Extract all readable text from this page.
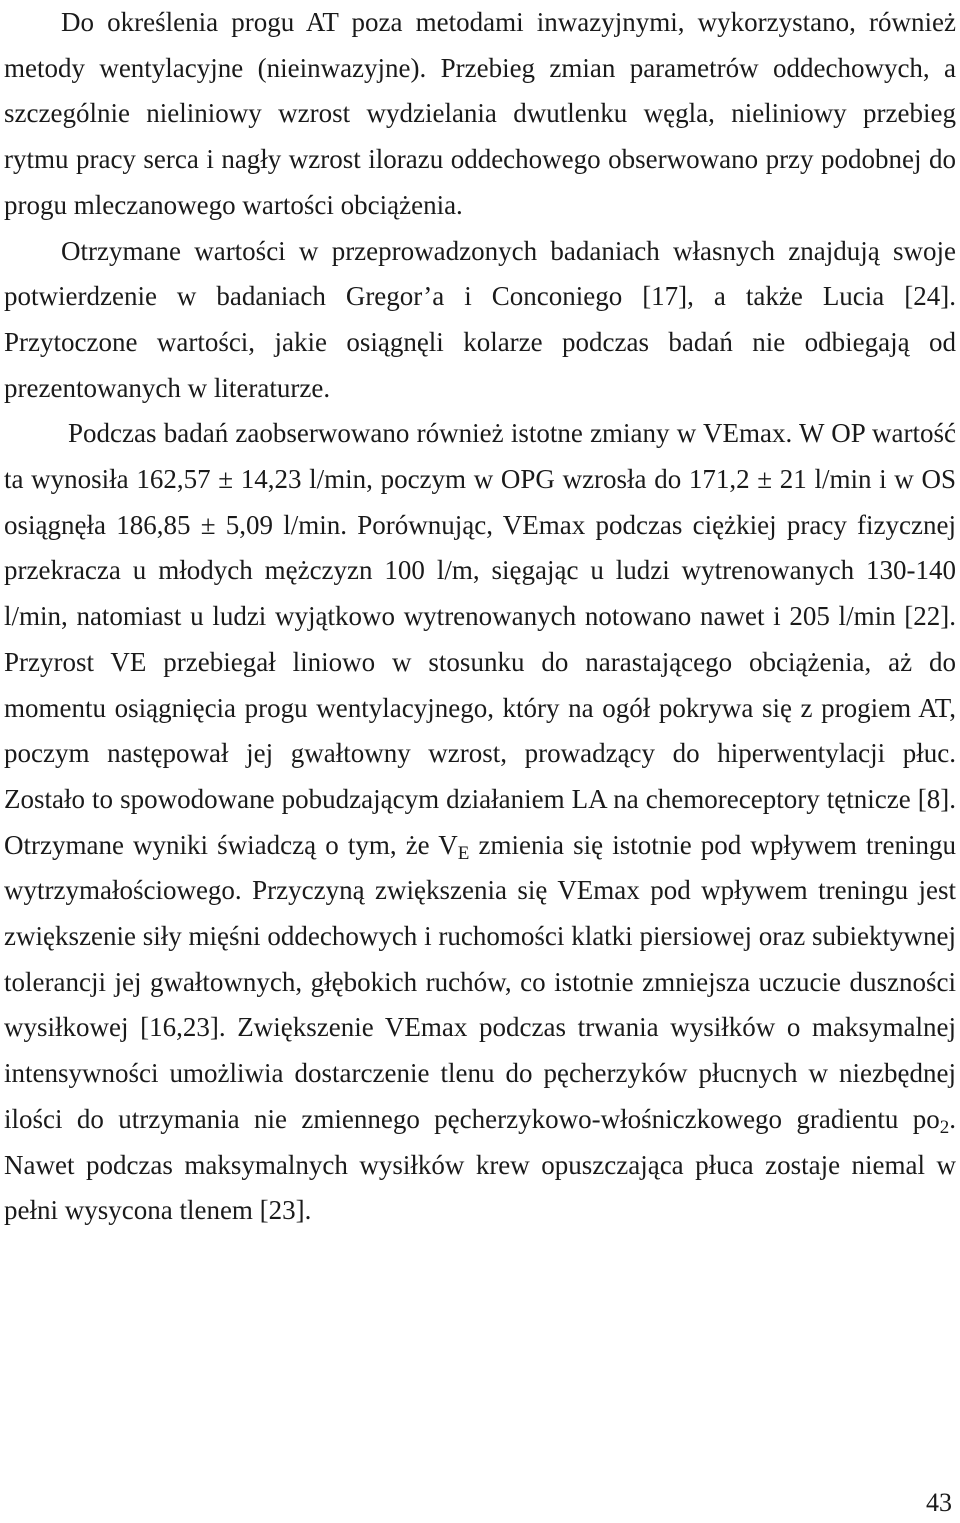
Do określenia progu AT poza metodami inwazyjnymi, wykorzystano, również metody wentylacyjne (nieinwazyjne). Przebieg zmian parametrów oddechowych, a szczególnie nieliniowy wzrost wydzielania dwutlenku węgla, nieliniowy przebieg rytmu pracy serca i nagły wzrost ilorazu oddechowego obserwowano przy podobnej do progu mleczanowego wartości obciążenia.

Otrzymane wartości w przeprowadzonych badaniach własnych znajdują swoje potwierdzenie w badaniach Gregor’a i Conconiego [17], a także Lucia [24]. Przytoczone wartości, jakie osiągnęli kolarze podczas badań nie odbiegają od prezentowanych w literaturze.

Podczas badań zaobserwowano również istotne zmiany w VEmax. W OP wartość ta wynosiła 162,57 ± 14,23 l/min, poczym w OPG wzrosła do 171,2 ± 21 l/min i w OS osiągnęła 186,85 ± 5,09 l/min. Porównując, VEmax podczas ciężkiej pracy fizycznej przekracza u młodych mężczyzn 100 l/m, sięgając u ludzi wytrenowanych 130-140 l/min, natomiast u ludzi wyjątkowo wytrenowanych notowano nawet i 205 l/min [22]. Przyrost VE przebiegał liniowo w stosunku do narastającego obciążenia, aż do momentu osiągnięcia progu wentylacyjnego, który na ogół pokrywa się z progiem AT, poczym następował jej gwałtowny wzrost, prowadzący do hiperwentylacji płuc. Zostało to spowodowane pobudzającym działaniem LA na chemoreceptory tętnicze [8]. Otrzymane wyniki świadczą o tym, że $V_E$ zmienia się istotnie pod wpływem treningu wytrzymałościowego. Przyczyną zwiększenia się VEmax pod wpływem treningu jest zwiększenie siły mięśni oddechowych i ruchomości klatki piersiowej oraz subiektywnej tolerancji jej gwałtownych, głębokich ruchów, co istotnie zmniejsza uczucie duszności wysiłkowej [16,23]. Zwiększenie VEmax podczas trwania wysiłków o maksymalnej intensywności umożliwia dostarczenie tlenu do pęcherzyków płucnych w niezbędnej ilości do utrzymania nie zmiennego pęcherzykowo-włośniczkowego gradientu $po_2$. Nawet podczas maksymalnych wysiłków krew opuszczająca płuca zostaje niemal w pełni wysycona tlenem [23].

43
